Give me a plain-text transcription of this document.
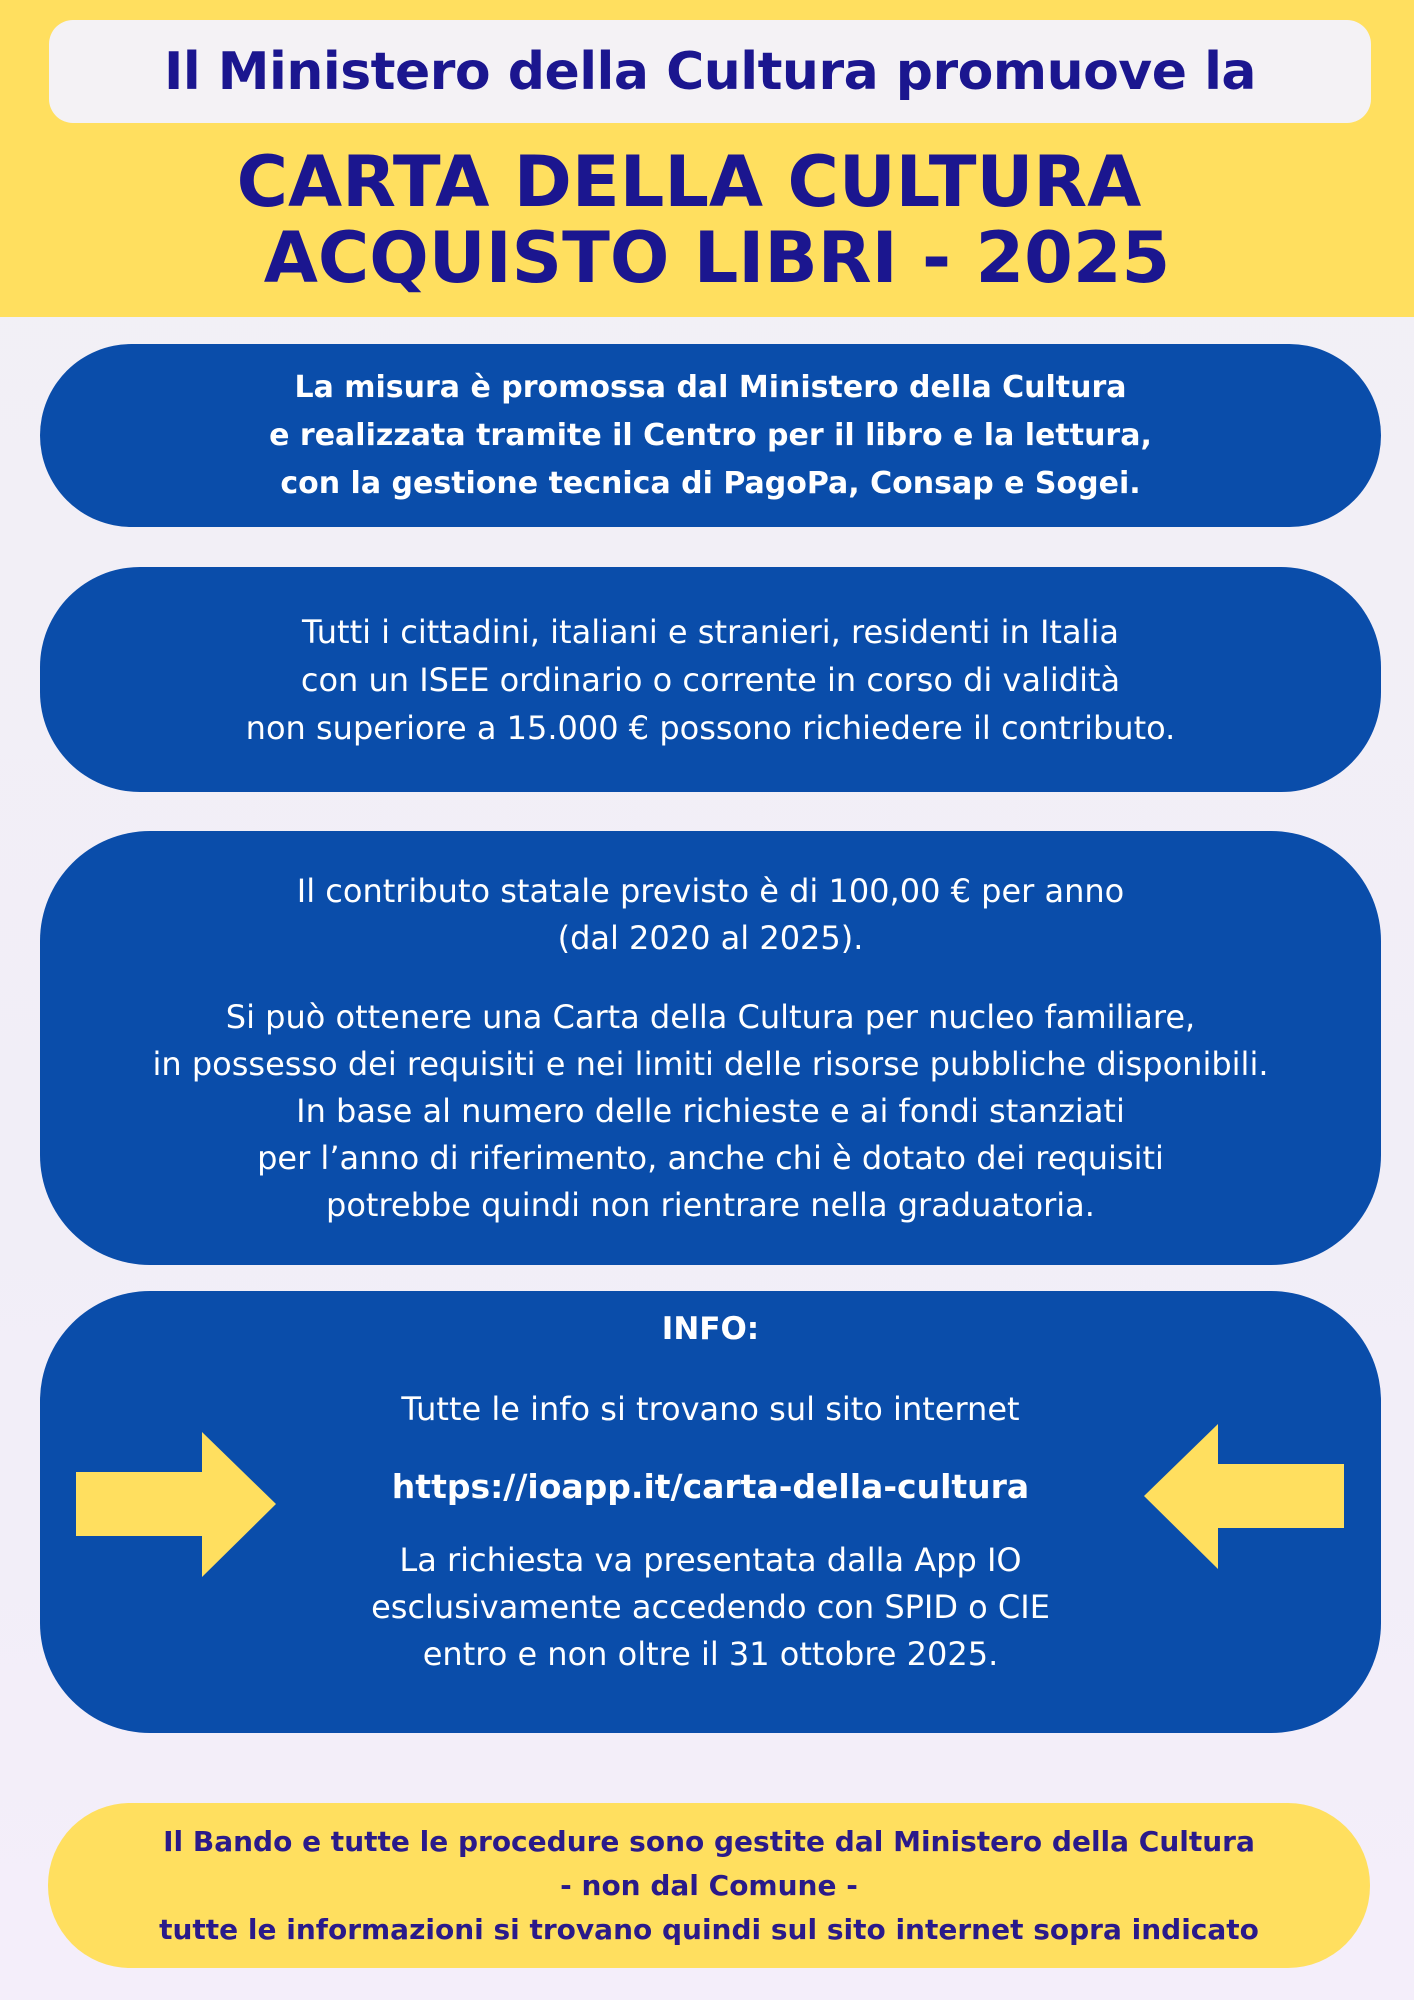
Il Ministero della Cultura promuove la
CARTA DELLA CULTURA
ACQUISTO LIBRI - 2025
La misura è promossa dal Ministero della Cultura
e realizzata tramite il Centro per il libro e la lettura,
con la gestione tecnica di PagoPa, Consap e Sogei.
Tutti i cittadini, italiani e stranieri, residenti in Italia
con un ISEE ordinario o corrente in corso di validità
non superiore a 15.000 € possono richiedere il contributo.
Il contributo statale previsto è di 100,00 € per anno
(dal 2020 al 2025).
Si può ottenere una Carta della Cultura per nucleo familiare,
in possesso dei requisiti e nei limiti delle risorse pubbliche disponibili.
In base al numero delle richieste e ai fondi stanziati
per l’anno di riferimento, anche chi è dotato dei requisiti
potrebbe quindi non rientrare nella graduatoria.
INFO:
Tutte le info si trovano sul sito internet
https://ioapp.it/carta-della-cultura
La richiesta va presentata dalla App IO
esclusivamente accedendo con SPID o CIE
entro e non oltre il 31 ottobre 2025.
Il Bando e tutte le procedure sono gestite dal Ministero della Cultura
- non dal Comune -
tutte le informazioni si trovano quindi sul sito internet sopra indicato
